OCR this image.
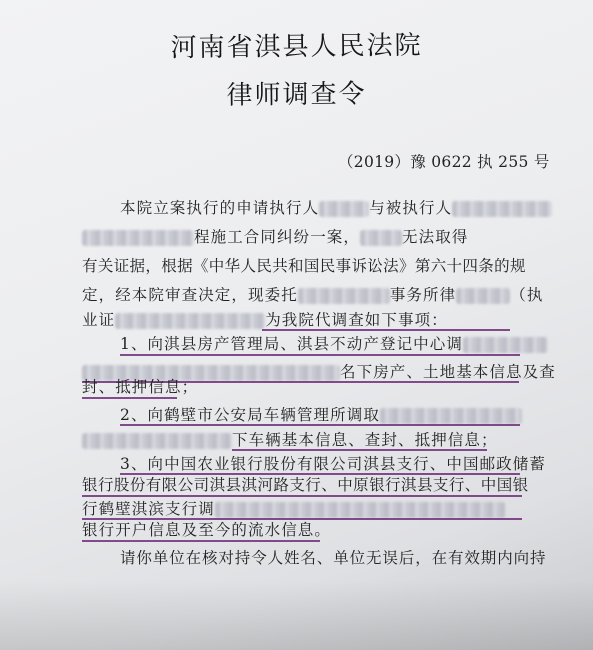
河南省淇县人民法院
律师调查令
（2019）豫 0622 执 255 号
本院立案执行的申请执行人	与被执行人
程施工合同纠纷一案，	无法取得
有关证据，根据《中华人民共和国民事诉讼法》第六十四条的规
定，经本院审查决定，现委托	事务所律	（执
业证	为我院代调查如下事项：
1、向淇县房产管理局、淇县不动产登记中心调
名下房产、土地基本信息及查
封、抵押信息；
2、向鹤壁市公安局车辆管理所调取
下车辆基本信息、查封、抵押信息；
3、向中国农业银行股份有限公司淇县支行、中国邮政储蓄
银行股份有限公司淇县淇河路支行、中原银行淇县支行、中国银
行鹤壁淇滨支行调
银行开户信息及至今的流水信息。
请你单位在核对持令人姓名、单位无误后，在有效期内向持
